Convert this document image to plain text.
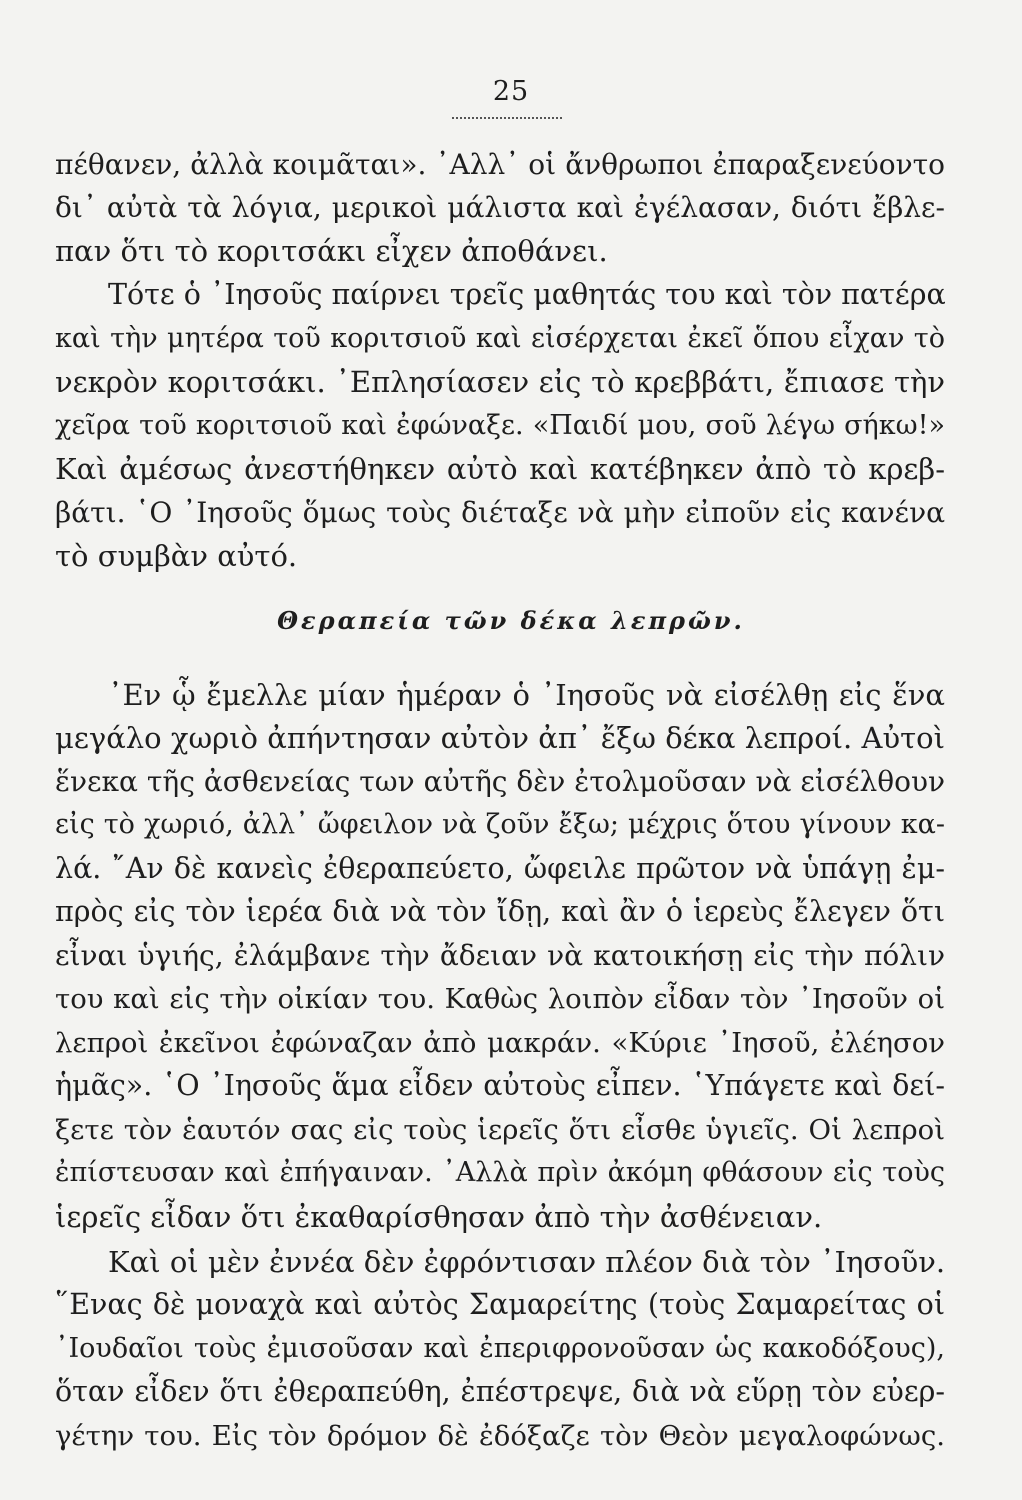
25
πέθανεν, ἀλλὰ κοιμᾶται». ᾿Αλλ᾿ οἱ ἄνθρωποι ἐπαραξενεύοντο
δι᾿ αὐτὰ τὰ λόγια, μερικοὶ μάλιστα καὶ ἐγέλασαν, διότι ἔβλε-
παν ὅτι τὸ κοριτσάκι εἶχεν ἀποθάνει.
Τότε ὁ ᾿Ιησοῦς παίρνει τρεῖς μαθητάς του καὶ τὸν πατέρα
καὶ τὴν μητέρα τοῦ κοριτσιοῦ καὶ εἰσέρχεται ἐκεῖ ὅπου εἶχαν τὸ
νεκρὸν κοριτσάκι. ᾿Επλησίασεν εἰς τὸ κρεββάτι, ἔπιασε τὴν
χεῖρα τοῦ κοριτσιοῦ καὶ ἐφώναξε. «Παιδί μου, σοῦ λέγω σήκω!»
Καὶ ἀμέσως ἀνεστήθηκεν αὐτὸ καὶ κατέβηκεν ἀπὸ τὸ κρεβ-
βάτι. ῾Ο ᾿Ιησοῦς ὅμως τοὺς διέταξε νὰ μὴν εἰποῦν εἰς κανένα
τὸ συμβὰν αὐτό.
Θεραπεία τῶν δέκα λεπρῶν.
᾿Εν ᾧ ἔμελλε μίαν ἡμέραν ὁ ᾿Ιησοῦς νὰ εἰσέλθῃ εἰς ἕνα
μεγάλο χωριὸ ἀπήντησαν αὐτὸν ἀπ᾿ ἔξω δέκα λεπροί. Αὐτοὶ
ἕνεκα τῆς ἀσθενείας των αὐτῆς δὲν ἐτολμοῦσαν νὰ εἰσέλθουν
εἰς τὸ χωριό, ἀλλ᾿ ὤφειλον νὰ ζοῦν ἔξω; μέχρις ὅτου γίνουν κα-
λά. ῎Αν δὲ κανεὶς ἐθεραπεύετο, ὤφειλε πρῶτον νὰ ὑπάγῃ ἐμ-
πρὸς εἰς τὸν ἱερέα διὰ νὰ τὸν ἴδῃ, καὶ ἂν ὁ ἱερεὺς ἔλεγεν ὅτι
εἶναι ὑγιής, ἐλάμβανε τὴν ἄδειαν νὰ κατοικήσῃ εἰς τὴν πόλιν
του καὶ εἰς τὴν οἰκίαν του. Καθὼς λοιπὸν εἶδαν τὸν ᾿Ιησοῦν οἱ
λεπροὶ ἐκεῖνοι ἐφώναζαν ἀπὸ μακράν. «Κύριε ᾿Ιησοῦ, ἐλέησον
ἡμᾶς». ῾Ο ᾿Ιησοῦς ἅμα εἶδεν αὐτοὺς εἶπεν. ῾Υπάγετε καὶ δεί-
ξετε τὸν ἑαυτόν σας εἰς τοὺς ἱερεῖς ὅτι εἶσθε ὑγιεῖς. Οἱ λεπροὶ
ἐπίστευσαν καὶ ἐπήγαιναν. ᾿Αλλὰ πρὶν ἀκόμη φθάσουν εἰς τοὺς
ἱερεῖς εἶδαν ὅτι ἐκαθαρίσθησαν ἀπὸ τὴν ἀσθένειαν.
Καὶ οἱ μὲν ἐννέα δὲν ἐφρόντισαν πλέον διὰ τὸν ᾿Ιησοῦν.
῞Ενας δὲ μοναχὰ καὶ αὐτὸς Σαμαρείτης (τοὺς Σαμαρείτας οἱ
᾿Ιουδαῖοι τοὺς ἐμισοῦσαν καὶ ἐπεριφρονοῦσαν ὡς κακοδόξους),
ὅταν εἶδεν ὅτι ἐθεραπεύθη, ἐπέστρεψε, διὰ νὰ εὕρῃ τὸν εὐερ-
γέτην του. Εἰς τὸν δρόμον δὲ ἐδόξαζε τὸν Θεὸν μεγαλοφώνως.
